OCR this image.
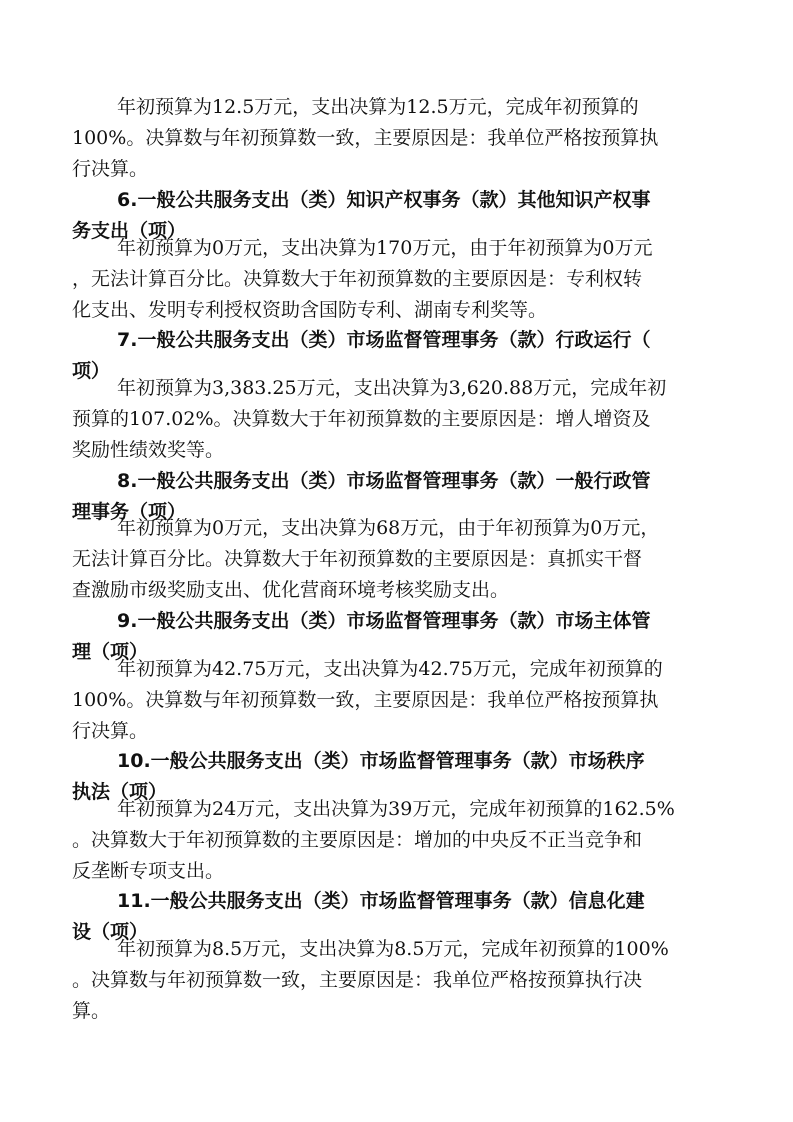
年初预算为12.5万元，支出决算为12.5万元，完成年初预算的
100%。决算数与年初预算数一致，主要原因是：我单位严格按预算执
行决算。
6.一般公共服务支出（类）知识产权事务（款）其他知识产权事
务支出（项）
年初预算为0万元，支出决算为170万元，由于年初预算为0万元
，无法计算百分比。决算数大于年初预算数的主要原因是：专利权转
化支出、发明专利授权资助含国防专利、湖南专利奖等。
7.一般公共服务支出（类）市场监督管理事务（款）行政运行（
项）
年初预算为3,383.25万元，支出决算为3,620.88万元，完成年初
预算的107.02%。决算数大于年初预算数的主要原因是：增人增资及
奖励性绩效奖等。
8.一般公共服务支出（类）市场监督管理事务（款）一般行政管
理事务（项）
年初预算为0万元，支出决算为68万元，由于年初预算为0万元，
无法计算百分比。决算数大于年初预算数的主要原因是：真抓实干督
查激励市级奖励支出、优化营商环境考核奖励支出。
9.一般公共服务支出（类）市场监督管理事务（款）市场主体管
理（项）
年初预算为42.75万元，支出决算为42.75万元，完成年初预算的
100%。决算数与年初预算数一致，主要原因是：我单位严格按预算执
行决算。
10.一般公共服务支出（类）市场监督管理事务（款）市场秩序
执法（项）
年初预算为24万元，支出决算为39万元，完成年初预算的162.5%
。决算数大于年初预算数的主要原因是：增加的中央反不正当竞争和
反垄断专项支出。
11.一般公共服务支出（类）市场监督管理事务（款）信息化建
设（项）
年初预算为8.5万元，支出决算为8.5万元，完成年初预算的100%
。决算数与年初预算数一致，主要原因是：我单位严格按预算执行决
算。
